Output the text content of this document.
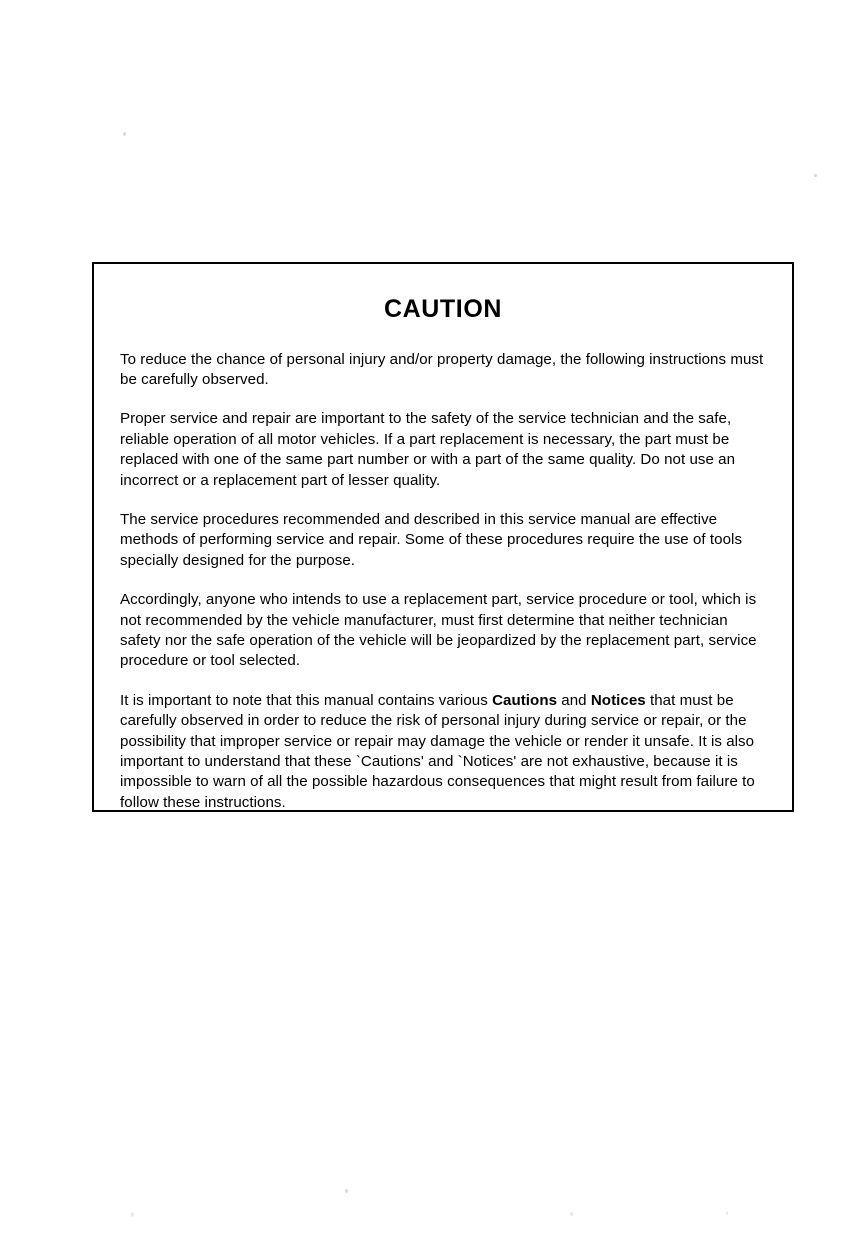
CAUTION

To reduce the chance of personal injury and/or property damage, the following instructions must be carefully observed.

Proper service and repair are important to the safety of the service technician and the safe, reliable operation of all motor vehicles. If a part replacement is necessary, the part must be replaced with one of the same part number or with a part of the same quality. Do not use an incorrect or a replacement part of lesser quality.

The service procedures recommended and described in this service manual are effective methods of performing service and repair. Some of these procedures require the use of tools specially designed for the purpose.

Accordingly, anyone who intends to use a replacement part, service procedure or tool, which is not recommended by the vehicle manufacturer, must first determine that neither technician safety nor the safe operation of the vehicle will be jeopardized by the replacement part, service procedure or tool selected.

It is important to note that this manual contains various Cautions and Notices that must be carefully observed in order to reduce the risk of personal injury during service or repair, or the possibility that improper service or repair may damage the vehicle or render it unsafe. It is also important to understand that these `Cautions' and `Notices' are not exhaustive, because it is impossible to warn of all the possible hazardous consequences that might result from failure to follow these instructions.
